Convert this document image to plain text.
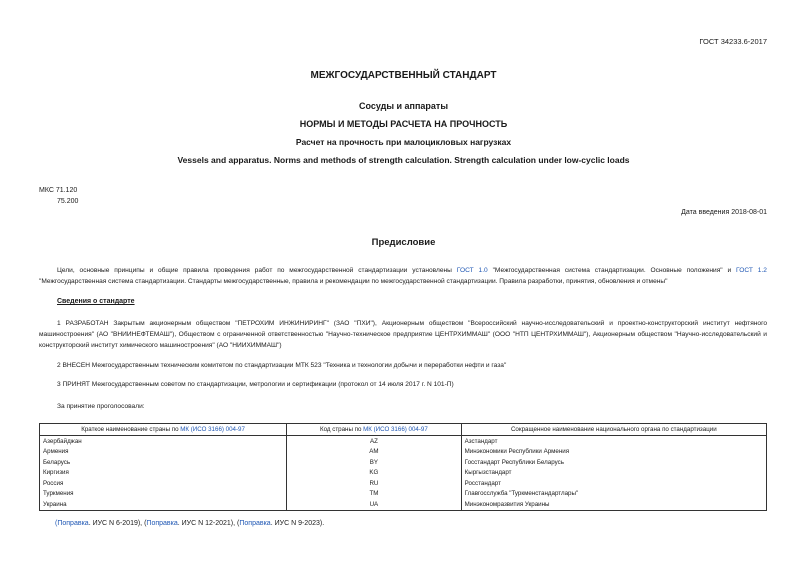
ГОСТ 34233.6-2017
МЕЖГОСУДАРСТВЕННЫЙ СТАНДАРТ
Сосуды и аппараты
НОРМЫ И МЕТОДЫ РАСЧЕТА НА ПРОЧНОСТЬ
Расчет на прочность при малоцикловых нагрузках
Vessels and apparatus. Norms and methods of strength calculation. Strength calculation under low-cyclic loads
МКС 71.120
75.200
Дата введения 2018-08-01
Предисловие
Цели, основные принципы и общие правила проведения работ по межгосударственной стандартизации установлены ГОСТ 1.0 "Межгосударственная система стандартизации. Основные положения" и ГОСТ 1.2 "Межгосударственная система стандартизации. Стандарты межгосударственные, правила и рекомендации по межгосударственной стандартизации. Правила разработки, принятия, обновления и отмены"
Сведения о стандарте
1 РАЗРАБОТАН Закрытым акционерным обществом "ПЕТРОХИМ ИНЖИНИРИНГ" (ЗАО "ПХИ"), Акционерным обществом "Всероссийский научно-исследовательский и проектно-конструкторский институт нефтяного машиностроения" (АО "ВНИИНЕФТЕМАШ"), Обществом с ограниченной ответственностью "Научно-техническое предприятие ЦЕНТРХИММАШ" (ООО "НТП ЦЕНТРХИММАШ"), Акционерным обществом "Научно-исследовательский и конструкторский институт химического машиностроения" (АО "НИИХИММАШ")
2 ВНЕСЕН Межгосударственным техническим комитетом по стандартизации МТК 523 "Техника и технологии добычи и переработки нефти и газа"
3 ПРИНЯТ Межгосударственным советом по стандартизации, метрологии и сертификации (протокол от 14 июля 2017 г. N 101-П)
За принятие проголосовали:
Краткое наименование страны по МК (ИСО 3166) 004-97	Код страны по МК (ИСО 3166) 004-97	Сокращенное наименование национального органа по стандартизации
Азербайджан	AZ	Азстандарт
Армения	AM	Минэкономики Республики Армения
Беларусь	BY	Госстандарт Республики Беларусь
Киргизия	KG	Кыргызстандарт
Россия	RU	Росстандарт
Туркмения	TM	Главгосслужба "Туркменстандартлары"
Украина	UA	Минэкономразвития Украины
(Поправка. ИУС N 6-2019), (Поправка. ИУС N 12-2021), (Поправка. ИУС N 9-2023).
